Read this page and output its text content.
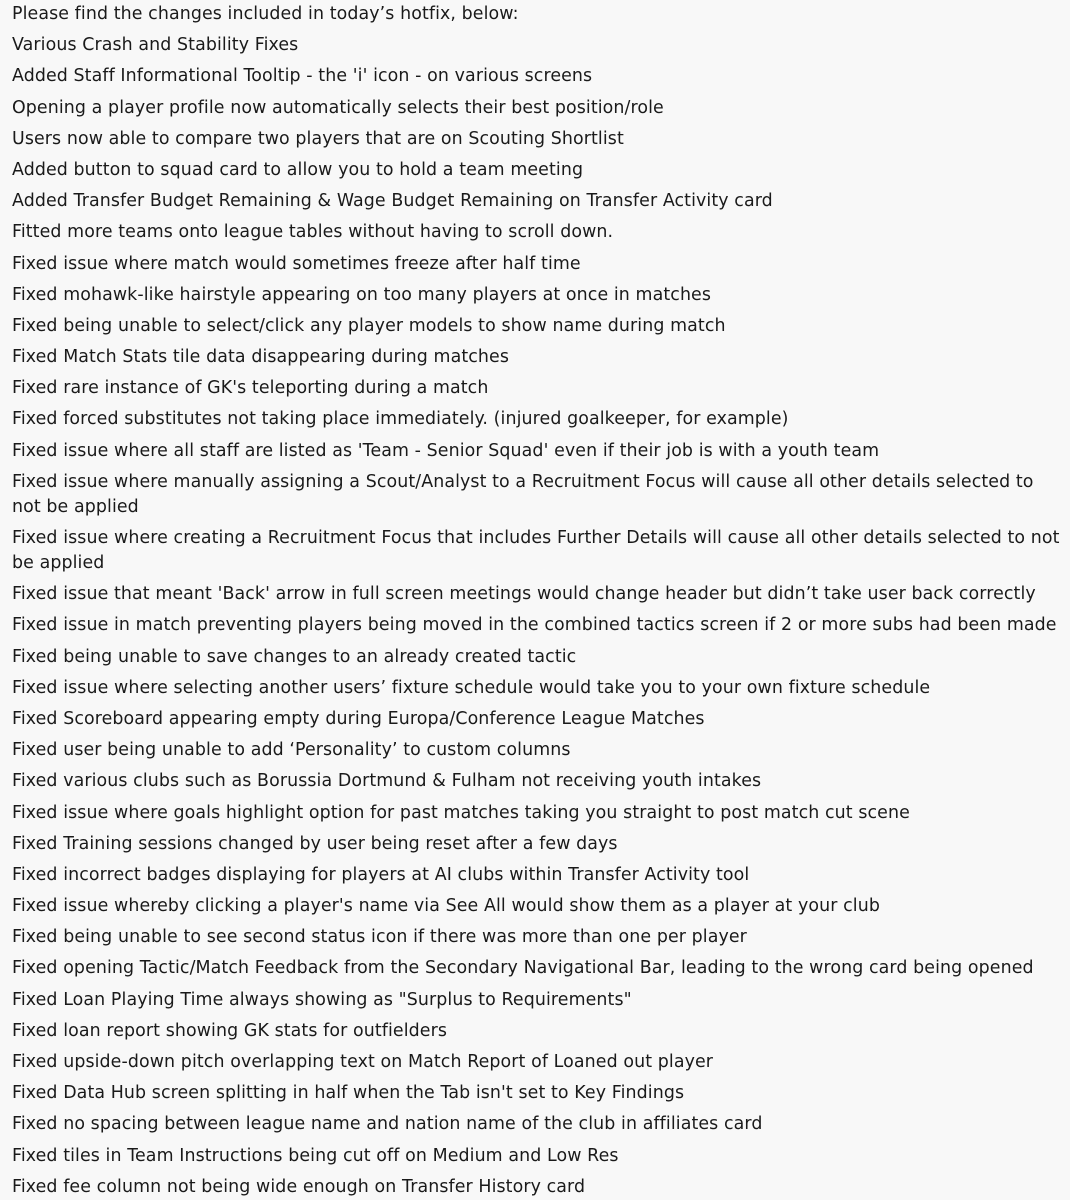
Please find the changes included in today’s hotfix, below:

Various Crash and Stability Fixes

Added Staff Informational Tooltip - the 'i' icon - on various screens

Opening a player profile now automatically selects their best position/role

Users now able to compare two players that are on Scouting Shortlist

Added button to squad card to allow you to hold a team meeting

Added Transfer Budget Remaining & Wage Budget Remaining on Transfer Activity card

Fitted more teams onto league tables without having to scroll down.

Fixed issue where match would sometimes freeze after half time

Fixed mohawk-like hairstyle appearing on too many players at once in matches

Fixed being unable to select/click any player models to show name during match

Fixed Match Stats tile data disappearing during matches

Fixed rare instance of GK's teleporting during a match

Fixed forced substitutes not taking place immediately. (injured goalkeeper, for example)

Fixed issue where all staff are listed as 'Team - Senior Squad' even if their job is with a youth team

Fixed issue where manually assigning a Scout/Analyst to a Recruitment Focus will cause all other details selected to not be applied

Fixed issue where creating a Recruitment Focus that includes Further Details will cause all other details selected to not be applied

Fixed issue that meant 'Back' arrow in full screen meetings would change header but didn’t take user back correctly

Fixed issue in match preventing players being moved in the combined tactics screen if 2 or more subs had been made

Fixed being unable to save changes to an already created tactic

Fixed issue where selecting another users’ fixture schedule would take you to your own fixture schedule

Fixed Scoreboard appearing empty during Europa/Conference League Matches

Fixed user being unable to add ‘Personality’ to custom columns

Fixed various clubs such as Borussia Dortmund & Fulham not receiving youth intakes

Fixed issue where goals highlight option for past matches taking you straight to post match cut scene

Fixed Training sessions changed by user being reset after a few days

Fixed incorrect badges displaying for players at AI clubs within Transfer Activity tool

Fixed issue whereby clicking a player's name via See All would show them as a player at your club

Fixed being unable to see second status icon if there was more than one per player

Fixed opening Tactic/Match Feedback from the Secondary Navigational Bar, leading to the wrong card being opened

Fixed Loan Playing Time always showing as "Surplus to Requirements"

Fixed loan report showing GK stats for outfielders

Fixed upside-down pitch overlapping text on Match Report of Loaned out player

Fixed Data Hub screen splitting in half when the Tab isn't set to Key Findings

Fixed no spacing between league name and nation name of the club in affiliates card

Fixed tiles in Team Instructions being cut off on Medium and Low Res

Fixed fee column not being wide enough on Transfer History card
